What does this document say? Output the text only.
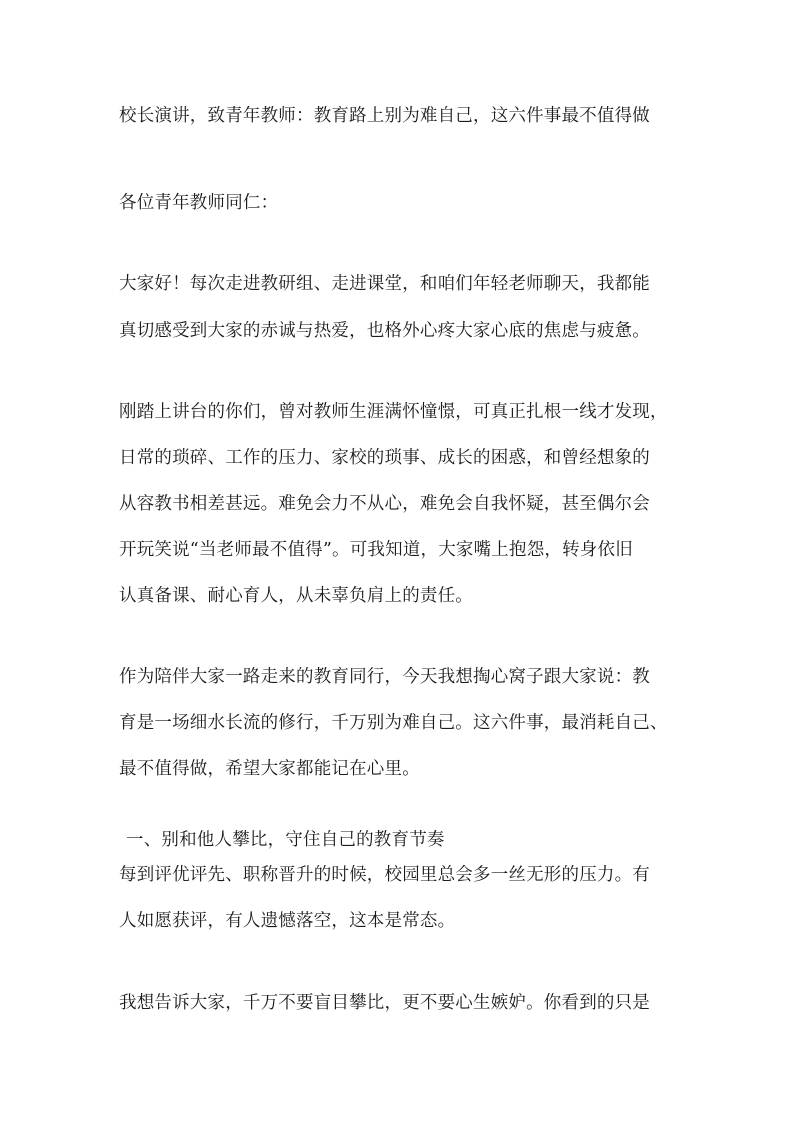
校长演讲，致青年教师：教育路上别为难自己，这六件事最不值得做
各位青年教师同仁：
大家好！每次走进教研组、走进课堂，和咱们年轻老师聊天，我都能
真切感受到大家的赤诚与热爱，也格外心疼大家心底的焦虑与疲惫。
刚踏上讲台的你们，曾对教师生涯满怀憧憬，可真正扎根一线才发现，
日常的琐碎、工作的压力、家校的琐事、成长的困惑，和曾经想象的
从容教书相差甚远。难免会力不从心，难免会自我怀疑，甚至偶尔会
开玩笑说“当老师最不值得”。可我知道，大家嘴上抱怨，转身依旧
认真备课、耐心育人，从未辜负肩上的责任。
作为陪伴大家一路走来的教育同行，今天我想掏心窝子跟大家说：教
育是一场细水长流的修行，千万别为难自己。这六件事，最消耗自己、
最不值得做，希望大家都能记在心里。
一、别和他人攀比，守住自己的教育节奏
每到评优评先、职称晋升的时候，校园里总会多一丝无形的压力。有
人如愿获评，有人遗憾落空，这本是常态。
我想告诉大家，千万不要盲目攀比，更不要心生嫉妒。你看到的只是
